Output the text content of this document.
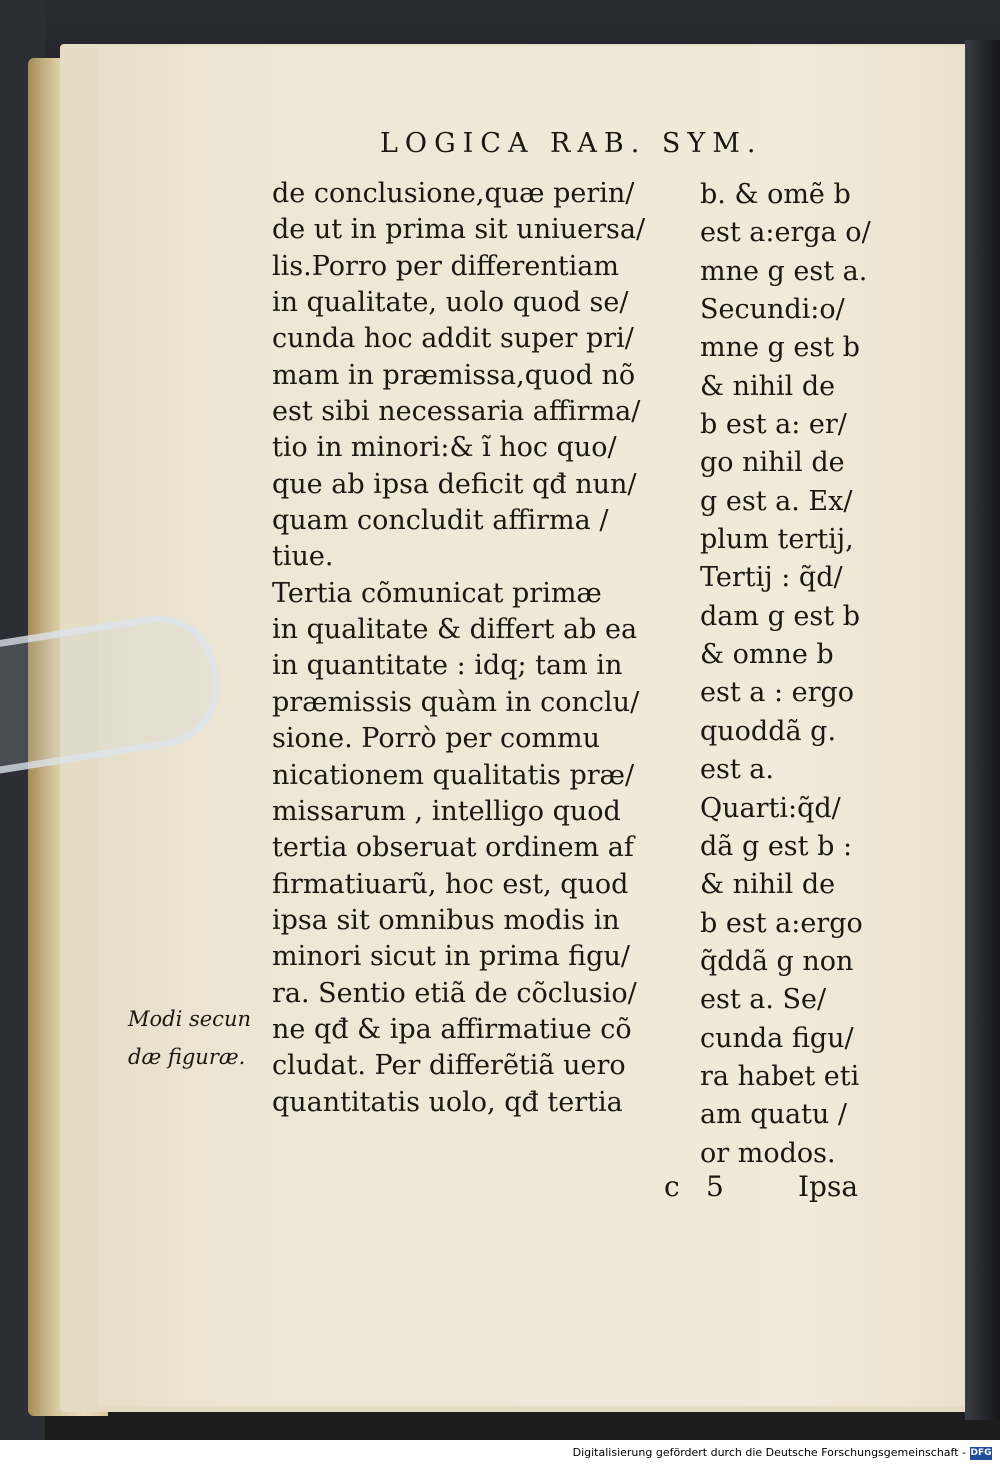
LOGICA RAB. SYM.
de conclusione,quæ perin/
de ut in prima sit uniuersa/
lis.Porro per differentiam
in qualitate, uolo quod se/
cunda hoc addit super pri/
mam in præmissa,quod nõ
est sibi necessaria affirma/
tio in minori:& ĩ hoc quo/
que ab ipsa deficit qđ nun/
quam concludit affirma /
tiue.
Tertia cõmunicat primæ
in qualitate & differt ab ea
in quantitate : idq; tam in
præmissis quàm in conclu/
sione. Porrò per commu
nicationem qualitatis præ/
missarum , intelligo quod
tertia obseruat ordinem af
firmatiuarũ, hoc est, quod
ipsa sit omnibus modis in
minori sicut in prima figu/
ra. Sentio etiã de cõclusio/
ne qđ & ipa affirmatiue cõ
cludat. Per differẽtiã uero
quantitatis uolo, qđ tertia
b. & omẽ b
est a:erga o/
mne g est a.
Secundi:o/
mne g est b
& nihil de
b est a: er/
go nihil de
g est a. Ex/
plum tertij,
Tertij : q̃d/
dam g est b
& omne b
est a : ergo
quoddã g.
est a.
Quarti:q̃d/
dã g est b :
& nihil de
b est a:ergo
q̃ddã g non
est a. Se/
cunda figu/
ra habet eti
am quatu /
or modos.
Modi secun
dæ figuræ.
c 5	Ipsa
Digitalisierung gefördert durch die Deutsche Forschungsgemeinschaft - DFG
